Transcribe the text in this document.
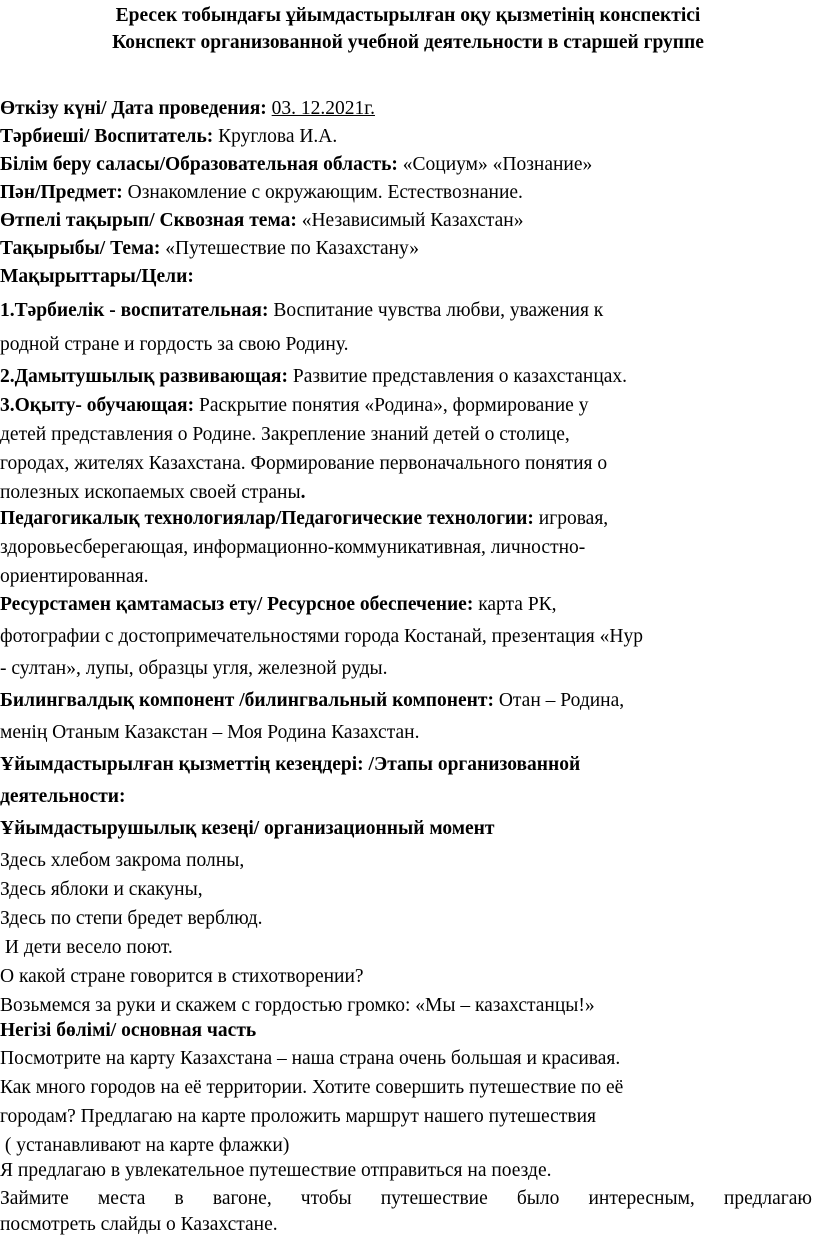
Ересек тобындағы ұйымдастырылған оқу қызметінің конспектісі
Конспект организованной учебной деятельности в старшей группе
Өткізу күні/ Дата проведения: 03. 12.2021г.
Тәрбиеші/ Воспитатель: Круглова И.А.
Білім беру саласы/Образовательная область: «Социум» «Познание»
Пән/Предмет: Ознакомление с окружающим. Естествознание.
Өтпелі тақырып/ Сквозная тема: «Независимый Казахстан»
Тақырыбы/ Тема: «Путешествие по Казахстану»
Мақырыттары/Цели:
1.Тәрбиелік - воспитательная: Воспитание чувства любви, уважения к
родной стране и гордость за свою Родину.
2.Дамытушылық развивающая: Развитие представления о казахстанцах.
3.Оқыту- обучающая: Раскрытие понятия «Родина», формирование у
детей представления о Родине. Закрепление знаний детей о столице,
городах, жителях Казахстана. Формирование первоначального понятия о
полезных ископаемых своей страны.
Педагогикалық технологиялар/Педагогические технологии: игровая,
здоровьесберегающая, информационно-коммуникативная, личностно-
ориентированная.
Ресурстамен қамтамасыз ету/ Ресурсное обеспечение: карта РК,
фотографии с достопримечательностями города Костанай, презентация «Нур
- султан», лупы, образцы угля, железной руды.
Билингвалдық компонент /билингвальный компонент: Отан – Родина,
менің Отаным Казакстан – Моя Родина Казахстан.
Ұйымдастырылған қызметтің кезеңдері: /Этапы организованной
деятельности:
Ұйымдастырушылық кезеңі/ организационный момент
Здесь хлебом закрома полны,
Здесь яблоки и скакуны,
Здесь по степи бредет верблюд.
И дети весело поют.
О какой стране говорится в стихотворении?
Возьмемся за руки и скажем с гордостью громко: «Мы – казахстанцы!»
Негізі бөлімі/ основная часть
Посмотрите на карту Казахстана – наша страна очень большая и красивая.
Как много городов на её территории. Хотите совершить путешествие по её
городам? Предлагаю на карте проложить маршрут нашего путешествия
( устанавливают на карте флажки)
Я предлагаю в увлекательное путешествие отправиться на поезде.
Займите места в вагоне, чтобы путешествие было интересным, предлагаю
посмотреть слайды о Казахстане.
